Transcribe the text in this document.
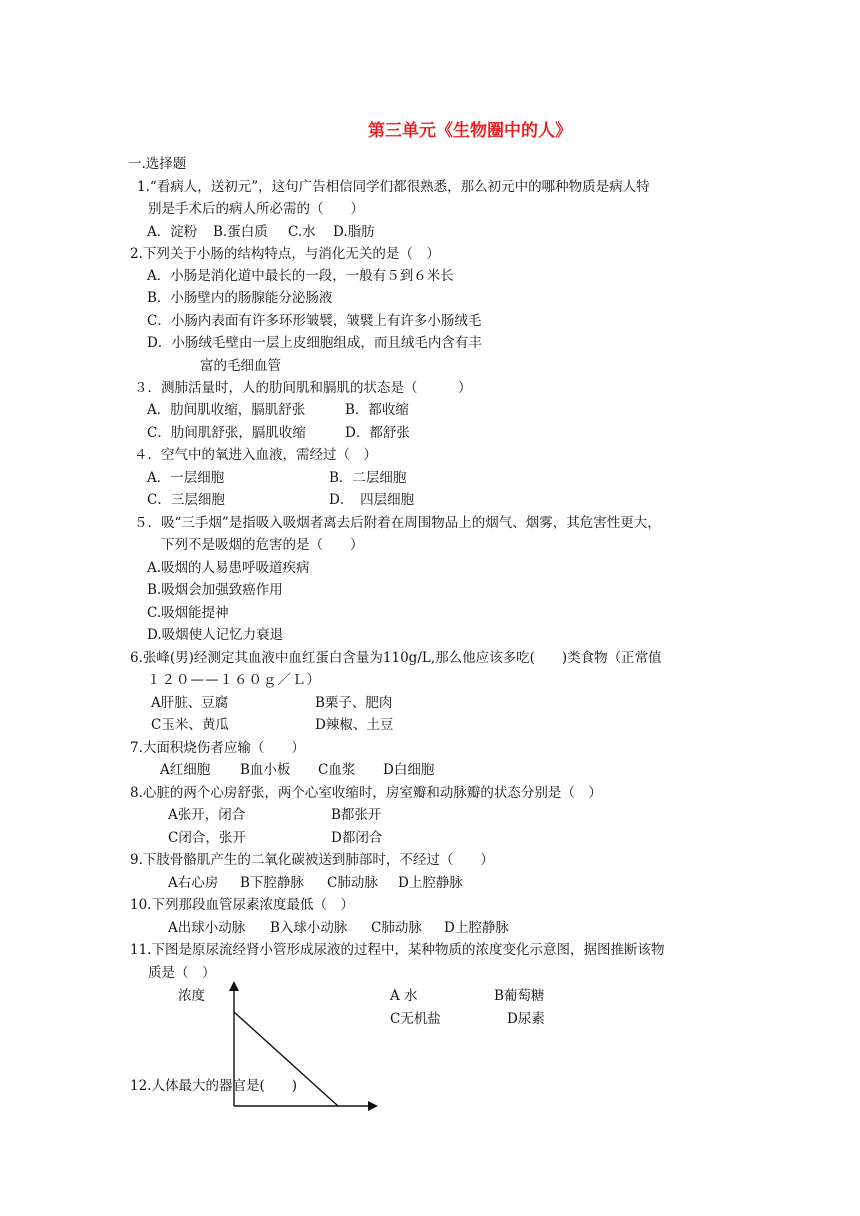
第三单元《生物圈中的人》
一.选择题
1.“看病人，送初元”，这句广告相信同学们都很熟悉，那么初元中的哪种物质是病人特
别是手术后的病人所必需的（　　）
A．淀粉 B.蛋白质 C.水 D.脂肪
2.下列关于小肠的结构特点，与消化无关的是（　）
A．小肠是消化道中最长的一段，一般有５到６米长
B．小肠壁内的肠腺能分泌肠液
C．小肠内表面有许多环形皱襞，皱襞上有许多小肠绒毛
D．小肠绒毛壁由一层上皮细胞组成，而且绒毛内含有丰
富的毛细血管
３．测肺活量时，人的肋间肌和膈肌的状态是（　　　）
A．肋间肌收缩，膈肌舒张	B．都收缩
C．肋间肌舒张，膈肌收缩	D．都舒张
４．空气中的氧进入血液，需经过（　）
A．一层细胞	B．二层细胞
C．三层细胞	D．　四层细胞
５．吸“三手烟”是指吸入吸烟者离去后附着在周围物品上的烟气、烟雾，其危害性更大，
下列不是吸烟的危害的是（　　）
A.吸烟的人易患呼吸道疾病
B.吸烟会加强致癌作用
C.吸烟能提神
D.吸烟使人记忆力衰退
6.张峰(男)经测定其血液中血红蛋白含量为110g/L,那么他应该多吃(　　)类食物（正常值
１２０——１６０ｇ／Ｌ）
A肝脏、豆腐	B栗子、肥肉
C玉米、黄瓜	D辣椒、土豆
7.大面积烧伤者应输（　　）
A红细胞 B血小板 C血浆 D白细胞
8.心脏的两个心房舒张，两个心室收缩时，房室瓣和动脉瓣的状态分别是（　）
A张开，闭合	B都张开
C闭合，张开	D都闭合
9.下肢骨骼肌产生的二氧化碳被送到肺部时，不经过（　　）
A右心房 B下腔静脉 C肺动脉 D上腔静脉
10.下列那段血管尿素浓度最低（　）
A出球小动脉 B入球小动脉 C肺动脉 D上腔静脉
11.下图是原尿流经肾小管形成尿液的过程中，某种物质的浓度变化示意图，据图推断该物
质是（　）
浓度	A 水	B葡萄糖
C无机盐	D尿素
12.人体最大的器官是(　　)
